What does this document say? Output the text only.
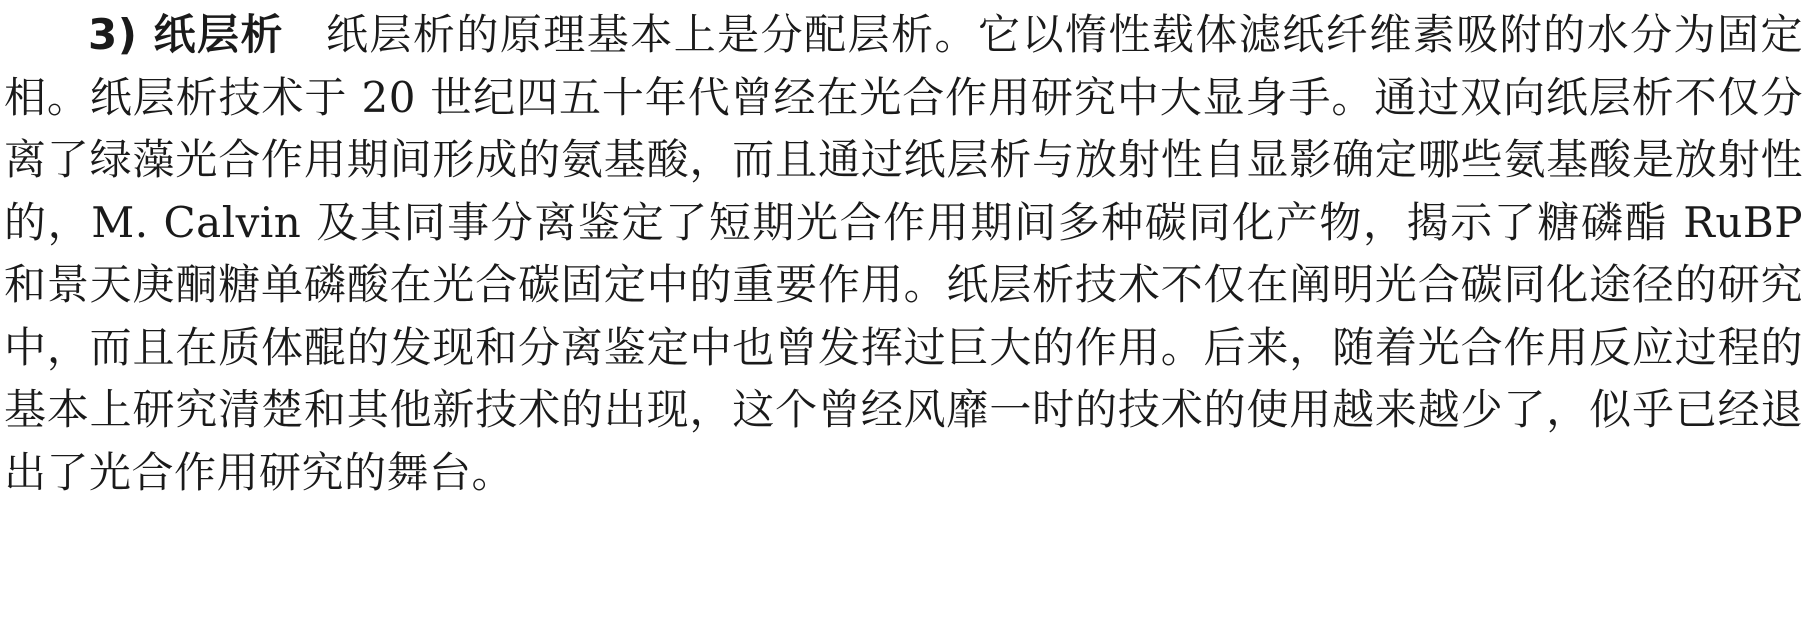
3) 纸层析 纸层析的原理基本上是分配层析。它以惰性载体滤纸纤维素吸附的水分为固定相。纸层析技术于 20 世纪四五十年代曾经在光合作用研究中大显身手。通过双向纸层析不仅分离了绿藻光合作用期间形成的氨基酸，而且通过纸层析与放射性自显影确定哪些氨基酸是放射性的，M. Calvin 及其同事分离鉴定了短期光合作用期间多种碳同化产物，揭示了糖磷酯 RuBP 和景天庚酮糖单磷酸在光合碳固定中的重要作用。纸层析技术不仅在阐明光合碳同化途径的研究中，而且在质体醌的发现和分离鉴定中也曾发挥过巨大的作用。后来，随着光合作用反应过程的基本上研究清楚和其他新技术的出现，这个曾经风靡一时的技术的使用越来越少了，似乎已经退出了光合作用研究的舞台。
